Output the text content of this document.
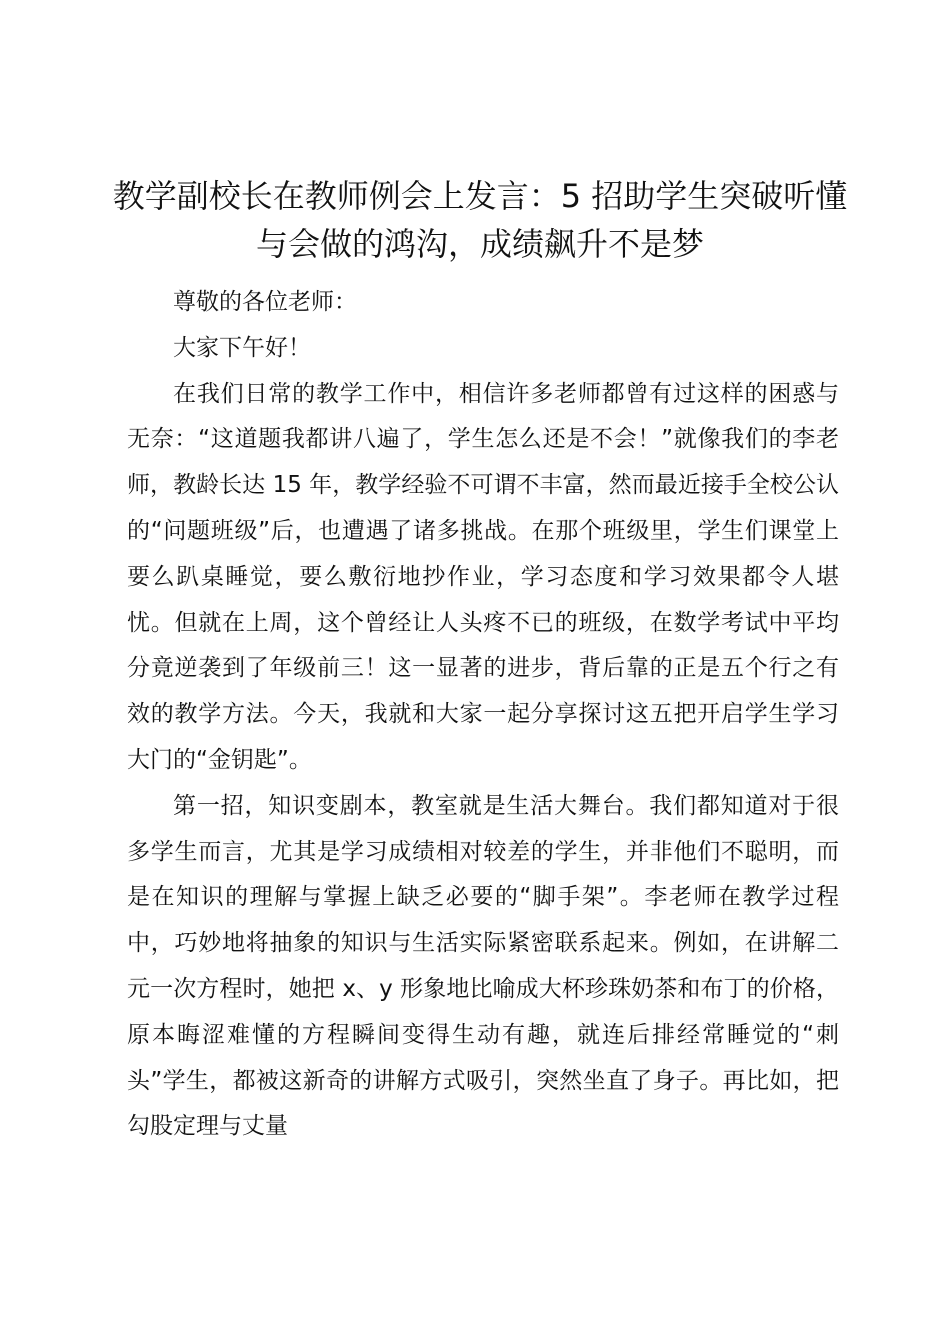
教学副校长在教师例会上发言：5 招助学生突破听懂与会做的鸿沟，成绩飙升不是梦

尊敬的各位老师：

大家下午好！

在我们日常的教学工作中，相信许多老师都曾有过这样的困惑与无奈：“这道题我都讲八遍了，学生怎么还是不会！”就像我们的李老师，教龄长达 15 年，教学经验不可谓不丰富，然而最近接手全校公认的“问题班级”后，也遭遇了诸多挑战。在那个班级里，学生们课堂上要么趴桌睡觉，要么敷衍地抄作业，学习态度和学习效果都令人堪忧。但就在上周，这个曾经让人头疼不已的班级，在数学考试中平均分竟逆袭到了年级前三！这一显著的进步，背后靠的正是五个行之有效的教学方法。今天，我就和大家一起分享探讨这五把开启学生学习大门的“金钥匙”。

第一招，知识变剧本，教室就是生活大舞台。我们都知道对于很多学生而言，尤其是学习成绩相对较差的学生，并非他们不聪明，而是在知识的理解与掌握上缺乏必要的“脚手架”。李老师在教学过程中，巧妙地将抽象的知识与生活实际紧密联系起来。例如，在讲解二元一次方程时，她把 x、y 形象地比喻成大杯珍珠奶茶和布丁的价格，原本晦涩难懂的方程瞬间变得生动有趣，就连后排经常睡觉的“刺头”学生，都被这新奇的讲解方式吸引，突然坐直了身子。再比如，把勾股定理与丈量
